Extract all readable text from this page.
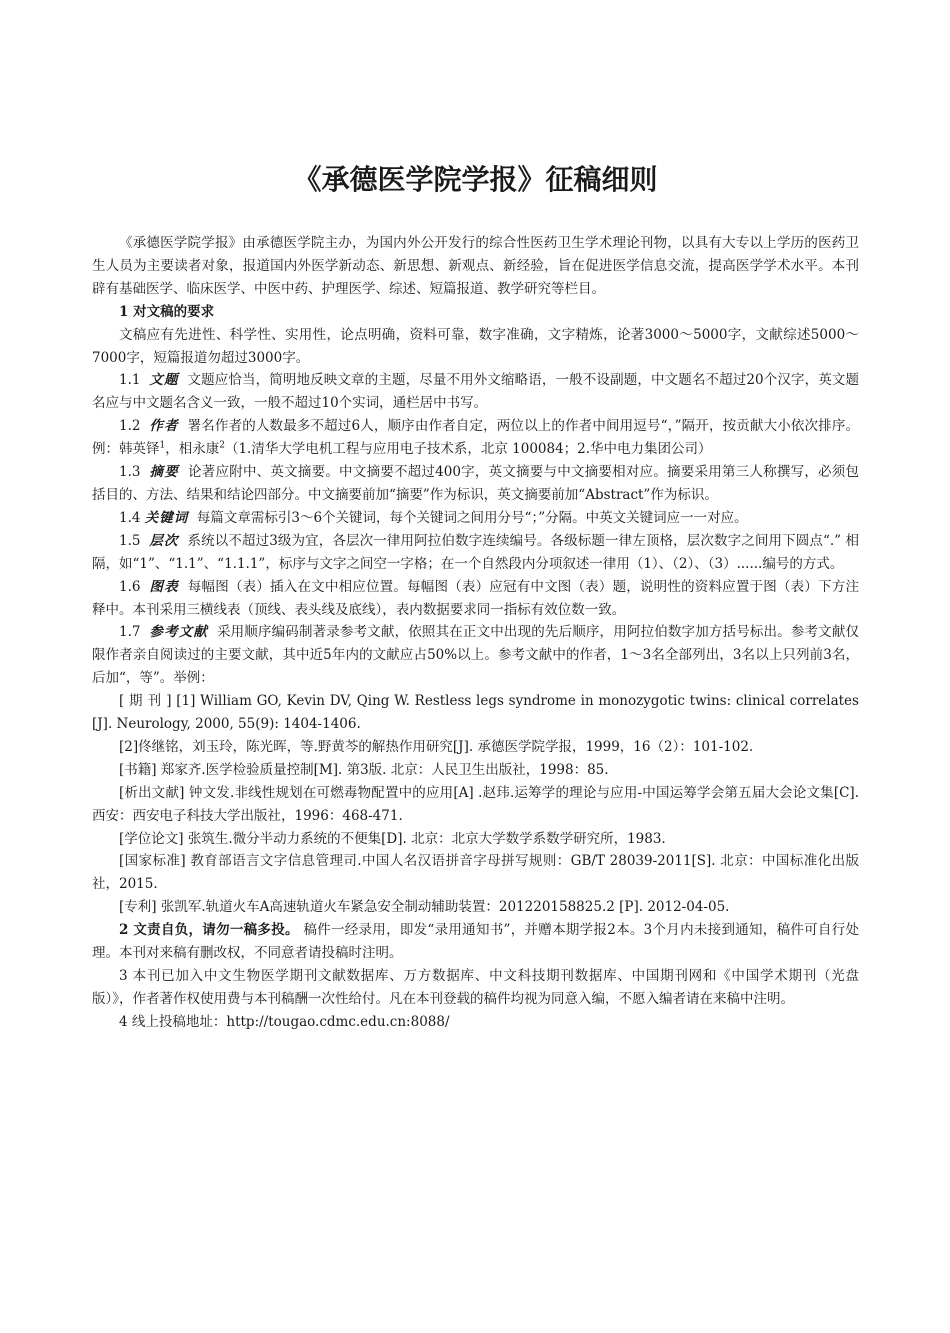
《承德医学院学报》征稿细则

《承德医学院学报》由承德医学院主办，为国内外公开发行的综合性医药卫生学术理论刊物，以具有大专以上学历的医药卫生人员为主要读者对象，报道国内外医学新动态、新思想、新观点、新经验，旨在促进医学信息交流，提高医学学术水平。本刊辟有基础医学、临床医学、中医中药、护理医学、综述、短篇报道、教学研究等栏目。

1 对文稿的要求

文稿应有先进性、科学性、实用性，论点明确，资料可靠，数字准确，文字精炼，论著3000～5000字，文献综述5000～7000字，短篇报道勿超过3000字。

1.1 文题 文题应恰当，简明地反映文章的主题，尽量不用外文缩略语，一般不设副题，中文题名不超过20个汉字，英文题名应与中文题名含义一致，一般不超过10个实词，通栏居中书写。

1.2 作者 署名作者的人数最多不超过6人，顺序由作者自定，两位以上的作者中间用逗号“，”隔开，按贡献大小依次排序。例：韩英铎$^1$，相永康$^2$（1.清华大学电机工程与应用电子技术系，北京 100084；2.华中电力集团公司）

1.3 摘要 论著应附中、英文摘要。中文摘要不超过400字，英文摘要与中文摘要相对应。摘要采用第三人称撰写，必须包括目的、方法、结果和结论四部分。中文摘要前加“摘要”作为标识，英文摘要前加“Abstract”作为标识。

1.4 关键词 每篇文章需标引3～6个关键词，每个关键词之间用分号“；”分隔。中英文关键词应一一对应。

1.5 层次 系统以不超过3级为宜，各层次一律用阿拉伯数字连续编号。各级标题一律左顶格，层次数字之间用下圆点“.” 相隔，如“1”、“1.1”、“1.1.1”，标序与文字之间空一字格；在一个自然段内分项叙述一律用（1）、（2）、（3）......编号的方式。

1.6 图表 每幅图（表）插入在文中相应位置。每幅图（表）应冠有中文图（表）题，说明性的资料应置于图（表）下方注释中。本刊采用三横线表（顶线、表头线及底线），表内数据要求同一指标有效位数一致。

1.7 参考文献 采用顺序编码制著录参考文献，依照其在正文中出现的先后顺序，用阿拉伯数字加方括号标出。参考文献仅限作者亲自阅读过的主要文献，其中近5年内的文献应占50%以上。参考文献中的作者，1～3名全部列出，3名以上只列前3名，后加“，等”。举例：

[ 期 刊 ] [1] William GO, Kevin DV, Qing W. Restless legs syndrome in monozygotic twins: clinical correlates [J]. Neurology, 2000, 55(9): 1404-1406.

[2]佟继铭，刘玉玲，陈光晖，等.野黄芩的解热作用研究[J]. 承德医学院学报，1999，16（2）：101-102.

[书籍] 郑家齐.医学检验质量控制[M]. 第3版. 北京：人民卫生出版社，1998：85.

[析出文献] 钟文发.非线性规划在可燃毒物配置中的应用[A] .赵玮.运筹学的理论与应用-中国运筹学会第五届大会论文集[C].西安：西安电子科技大学出版社，1996：468-471.

[学位论文] 张筑生.微分半动力系统的不便集[D]. 北京：北京大学数学系数学研究所，1983.

[国家标准] 教育部语言文字信息管理司.中国人名汉语拼音字母拼写规则：GB/T 28039-2011[S]. 北京：中国标准化出版社，2015.

[专利] 张凯军.轨道火车A高速轨道火车紧急安全制动辅助装置：201220158825.2 [P]. 2012-04-05.

2 文责自负，请勿一稿多投。 稿件一经录用，即发“录用通知书”，并赠本期学报2本。3个月内未接到通知，稿件可自行处理。本刊对来稿有删改权，不同意者请投稿时注明。

3 本刊已加入中文生物医学期刊文献数据库、万方数据库、中文科技期刊数据库、中国期刊网和《中国学术期刊（光盘版）》，作者著作权使用费与本刊稿酬一次性给付。凡在本刊登载的稿件均视为同意入编，不愿入编者请在来稿中注明。

4 线上投稿地址：http://tougao.cdmc.edu.cn:8088/
